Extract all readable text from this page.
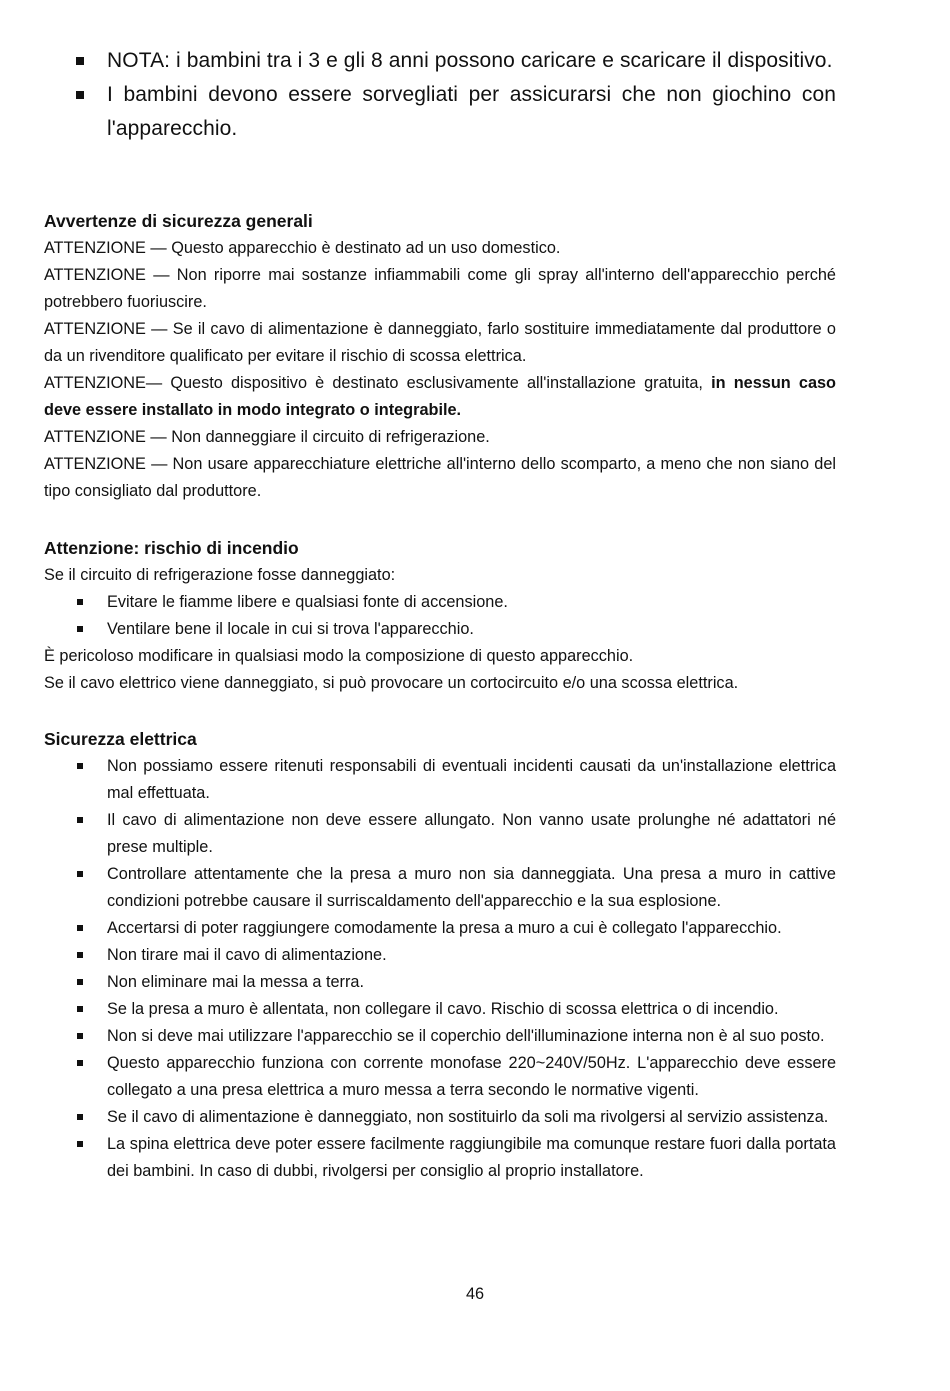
NOTA: i bambini tra i 3 e gli 8 anni possono caricare e scaricare il dispositivo.
I bambini devono essere sorvegliati per assicurarsi che non giochino con l'apparecchio.

Avvertenze di sicurezza generali

ATTENZIONE — Questo apparecchio è destinato ad un uso domestico.

ATTENZIONE — Non riporre mai sostanze infiammabili come gli spray all'interno dell'apparecchio perché potrebbero fuoriuscire.

ATTENZIONE — Se il cavo di alimentazione è danneggiato, farlo sostituire immediatamente dal produttore o da un rivenditore qualificato per evitare il rischio di scossa elettrica.

ATTENZIONE— Questo dispositivo è destinato esclusivamente all'installazione gratuita, in nessun caso deve essere installato in modo integrato o integrabile.

ATTENZIONE — Non danneggiare il circuito di refrigerazione.

ATTENZIONE — Non usare apparecchiature elettriche all'interno dello scomparto, a meno che non siano del tipo consigliato dal produttore.

Attenzione: rischio di incendio

Se il circuito di refrigerazione fosse danneggiato:

Evitare le fiamme libere e qualsiasi fonte di accensione.
Ventilare bene il locale in cui si trova l'apparecchio.

È pericoloso modificare in qualsiasi modo la composizione di questo apparecchio.

Se il cavo elettrico viene danneggiato, si può provocare un cortocircuito e/o una scossa elettrica.

Sicurezza elettrica

Non possiamo essere ritenuti responsabili di eventuali incidenti causati da un'installazione elettrica mal effettuata.
Il cavo di alimentazione non deve essere allungato. Non vanno usate prolunghe né adattatori né prese multiple.
Controllare attentamente che la presa a muro non sia danneggiata. Una presa a muro in cattive condizioni potrebbe causare il surriscaldamento dell'apparecchio e la sua esplosione.
Accertarsi di poter raggiungere comodamente la presa a muro a cui è collegato l'apparecchio.
Non tirare mai il cavo di alimentazione.
Non eliminare mai la messa a terra.
Se la presa a muro è allentata, non collegare il cavo. Rischio di scossa elettrica o di incendio.
Non si deve mai utilizzare l'apparecchio se il coperchio dell'illuminazione interna non è al suo posto.
Questo apparecchio funziona con corrente monofase 220~240V/50Hz. L'apparecchio deve essere collegato a una presa elettrica a muro messa a terra secondo le normative vigenti.
Se il cavo di alimentazione è danneggiato, non sostituirlo da soli ma rivolgersi al servizio assistenza.
La spina elettrica deve poter essere facilmente raggiungibile ma comunque restare fuori dalla portata dei bambini. In caso di dubbi, rivolgersi per consiglio al proprio installatore.
46
